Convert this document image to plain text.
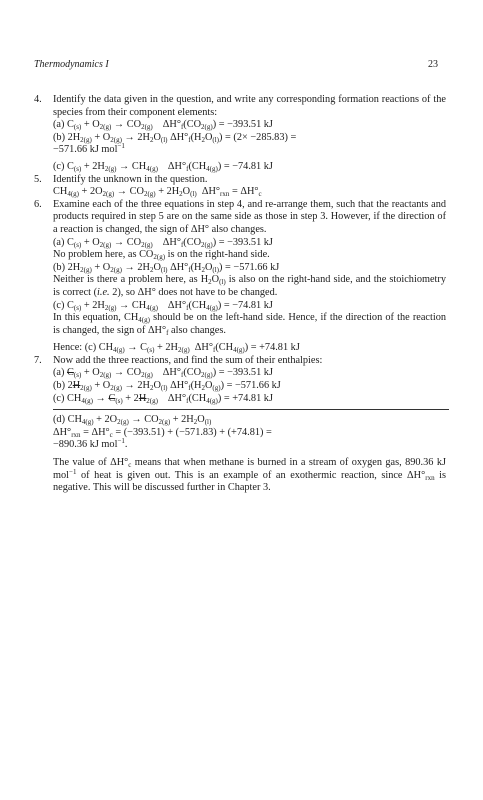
Thermodynamics I	23
4. Identify the data given in the question, and write any corresponding formation reactions of the species from their component elements:

(a) $C_{(s)} + O_{2(g)} \to CO_{2(g)}$ $\Delta H^\circ_f(CO_{2(g)}) = -393.51$ kJ

(b) $2H_{2(g)} + O_{2(g)} \to 2H_2O_{(l)}$ $\Delta H^\circ_f(H_2O_{(l)}) = (2\times -285.83)$ =

−571.66 kJ mol$^{-1}$

(c) $C_{(s)} + 2H_{2(g)} \to CH_{4(g)}$ $\Delta H^\circ_f(CH_{4(g)}) = -74.81$ kJ

5. Identify the unknown in the question.

$CH_{4(g)} + 2O_{2(g)} \to CO_{2(g)} + 2H_2O_{(l)}$  $\Delta H^\circ_{rxn} = \Delta H^\circ_c$

6. Examine each of the three equations in step 4, and re-arrange them, such that the reactants and products required in step 5 are on the same side as those in step 3. However, if the direction of a reaction is changed, the sign of ΔH° also changes.

(a) $C_{(s)} + O_{2(g)} \to CO_{2(g)}$ $\Delta H^\circ_f(CO_{2(g)}) = -393.51$ kJ

No problem here, as $CO_{2(g)}$ is on the right-hand side.

(b) $2H_{2(g)} + O_{2(g)} \to 2H_2O_{(l)}$ $\Delta H^\circ_f(H_2O_{(l)}) = -571.66$ kJ

Neither is there a problem here, as $H_2O_{(l)}$ is also on the right-hand side, and the stoichiometry is correct (i.e. 2), so ΔH° does not have to be changed.

(c) $C_{(s)} + 2H_{2(g)} \to CH_{4(g)}$ $\Delta H^\circ_f(CH_{4(g)}) = -74.81$ kJ

In this equation, $CH_{4(g)}$ should be on the left-hand side. Hence, if the direction of the reaction is changed, the sign of $\Delta H^\circ_f$ also changes.

Hence: (c) $CH_{4(g)} \to C_{(s)} + 2H_{2(g)}$  $\Delta H^\circ_f(CH_{4(g)}) = +74.81$ kJ

7. Now add the three reactions, and find the sum of their enthalpies:

(a) $C_{(s)} + O_{2(g)} \to CO_{2(g)}$ $\Delta H^\circ_f(CO_{2(g)}) = -393.51$ kJ

(b) $2H_{2(g)} + O_{2(g)} \to 2H_2O_{(l)}$ $\Delta H^\circ_f(H_2O_{(g)}) = -571.66$ kJ

(c) $CH_{4(g)} \to C_{(s)} + 2H_{2(g)}$ $\Delta H^\circ_f(CH_{4(g)}) = +74.81$ kJ

(d) $CH_{4(g)} + 2O_{2(g)} \to CO_{2(g)} + 2H_2O_{(l)}$

$\Delta H^\circ_{rxn} = \Delta H^\circ_c = (-393.51) + (-571.83) + (+74.81)$ =

−890.36 kJ mol$^{-1}$.

The value of $\Delta H^\circ_c$ means that when methane is burned in a stream of oxygen gas, 890.36 kJ mol$^{-1}$ of heat is given out. This is an example of an exothermic reaction, since $\Delta H^\circ_{rxn}$ is negative. This will be discussed further in Chapter 3.
